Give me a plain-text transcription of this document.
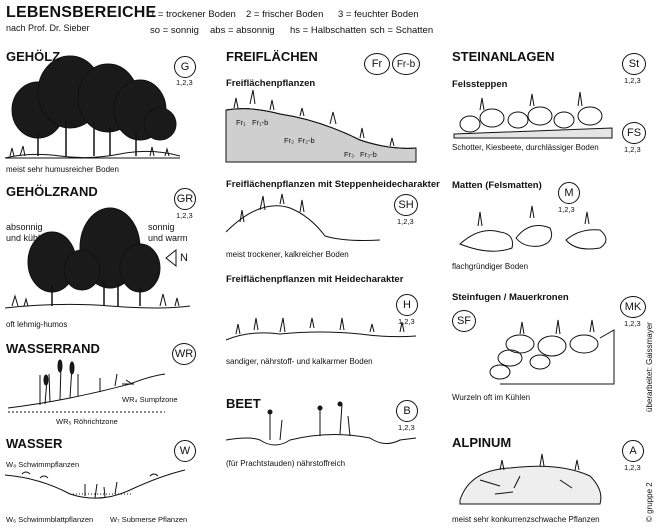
LEBENSBEREICHE
nach Prof. Dr. Sieber
1 = trockener Boden 2 = frischer Boden 3 = feuchter Boden
so = sonnig abs = absonnig hs = Halbschatten sch = Schatten
GEHÖLZ
G
1,2,3
meist sehr humusreicher Boden
GEHÖLZRAND	GR
1,2,3
absonnig
und kühl
sonnig
und warm
N
oft lehmig-humos
WASSERRAND	WR
WR₄ Sumpfzone
WR₅ Röhrichtzone
WASSER	W
W₈ Schwimmpflanzen
W₆ Schwimmblattpflanzen W₇ Submerse Pflanzen
FREIFLÄCHEN	Fr	Fr-b
Freiflächenpflanzen
Fr₁ Fr₁-b
Fr₂ Fr₂-b
Fr₃ Fr₃-b
Freiflächenpflanzen mit Steppenheidecharakter
SH
1,2,3
meist trockener, kalkreicher Boden
Freiflächenpflanzen mit Heidecharakter
H
1,2,3
sandiger, nährstoff- und kalkarmer Boden
BEET	B
1,2,3
(für Prachtstauden) nährstoffreich
STEINANLAGEN	St
1,2,3
Felssteppen
FS
1,2,3
Schotter, Kiesbeete, durchlässiger Boden
Matten (Felsmatten)
M
1,2,3
flachgründiger Boden
Steinfugen / Mauerkronen
SF
MK
1,2,3
Wurzeln oft im Kühlen
ALPINUM
A
1,2,3
meist sehr konkurrenzschwache Pflanzen
überarbeitet: Gaissmayer
© gruppe 2
